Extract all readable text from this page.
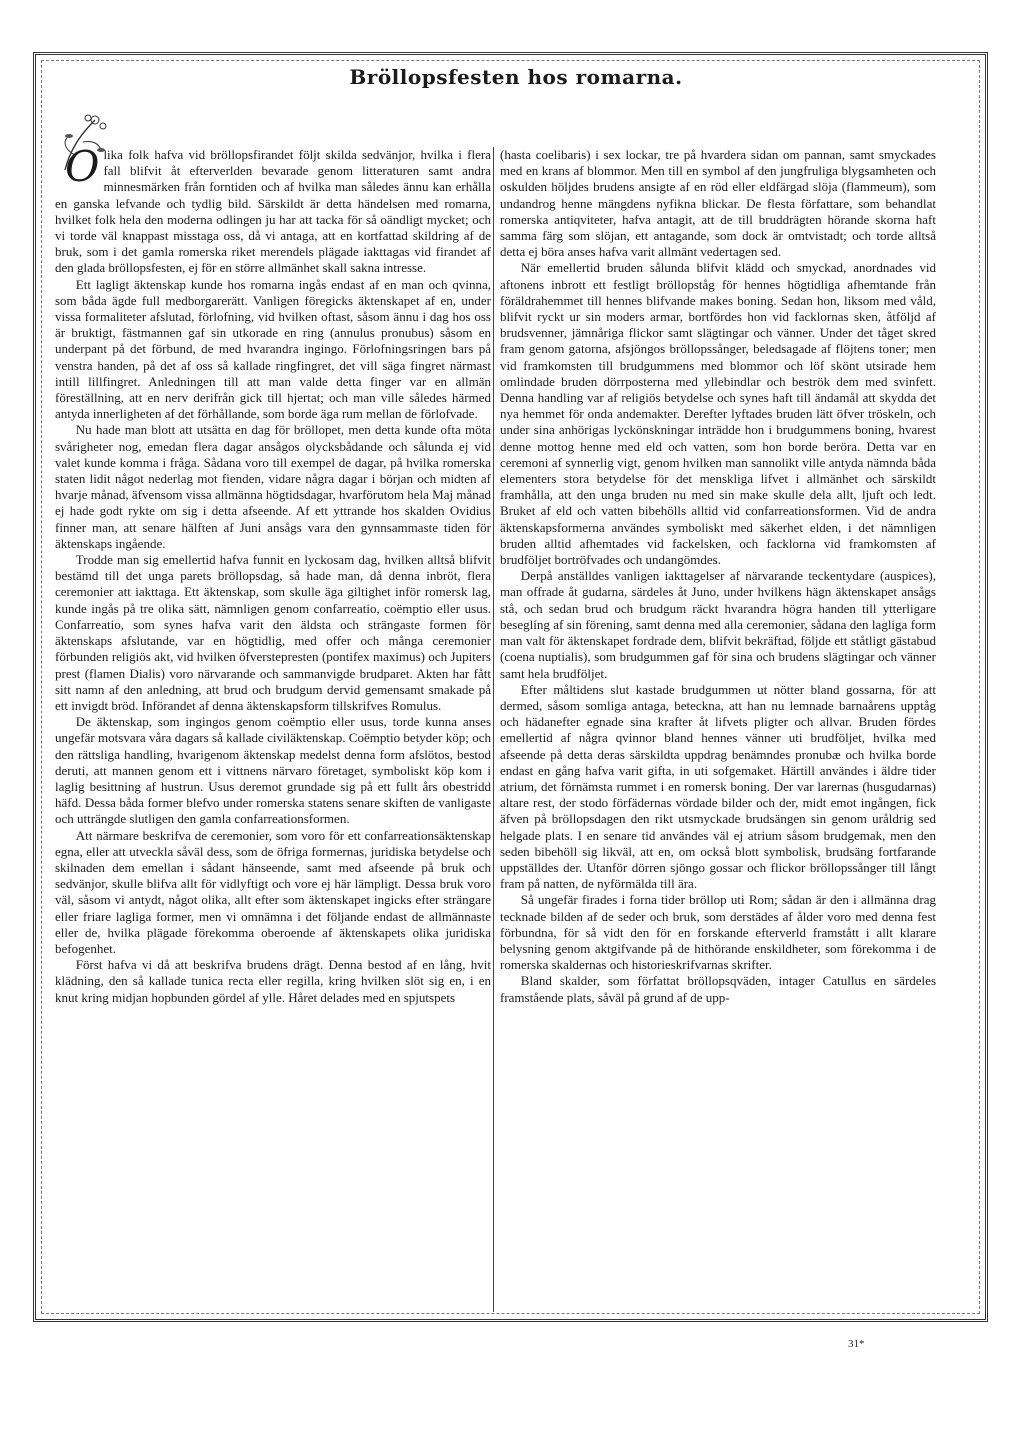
Bröllopsfesten hos romarna.

Olika folk hafva vid bröllopsfirandet följt skilda sedvänjor, hvilka i flera fall blifvit åt efterverlden bevarade genom litteraturen samt andra minnesmärken från forntiden och af hvilka man således ännu kan erhålla en ganska lefvande och tydlig bild. Särskildt är detta händelsen med romarna, hvilket folk hela den moderna odlingen ju har att tacka för så oändligt mycket; och vi torde väl knappast misstaga oss, då vi antaga, att en kortfattad skildring af de bruk, som i det gamla romerska riket merendels plägade iakttagas vid firandet af den glada bröllopsfesten, ej för en större allmänhet skall sakna intresse.

Ett lagligt äktenskap kunde hos romarna ingås endast af en man och qvinna, som båda ägde full medborgarerätt. Vanligen föregicks äktenskapet af en, under vissa formaliteter afslutad, förlofning, vid hvilken oftast, såsom ännu i dag hos oss är bruktigt, fästmannen gaf sin utkorade en ring (annulus pronubus) såsom en underpant på det förbund, de med hvarandra ingingo. Förlofningsringen bars på venstra handen, på det af oss så kallade ringfingret, det vill säga fingret närmast intill lillfingret. Anledningen till att man valde detta finger var en allmän föreställning, att en nerv derifrån gick till hjertat; och man ville således härmed antyda innerligheten af det förhållande, som borde äga rum mellan de förlofvade.

Nu hade man blott att utsätta en dag för bröllopet, men detta kunde ofta möta svårigheter nog, emedan flera dagar ansågos olycksbådande och sålunda ej vid valet kunde komma i fråga. Sådana voro till exempel de dagar, på hvilka romerska staten lidit något nederlag mot fienden, vidare några dagar i början och midten af hvarje månad, äfvensom vissa allmänna högtidsdagar, hvarförutom hela Maj månad ej hade godt rykte om sig i detta afseende. Af ett yttrande hos skalden Ovidius finner man, att senare hälften af Juni ansågs vara den gynnsammaste tiden för äktenskaps ingående.

Trodde man sig emellertid hafva funnit en lyckosam dag, hvilken alltså blifvit bestämd till det unga parets bröllopsdag, så hade man, då denna inbröt, flera ceremonier att iakttaga. Ett äktenskap, som skulle äga giltighet inför romersk lag, kunde ingås på tre olika sätt, nämnligen genom confarreatio, coëmptio eller usus. Confarreatio, som synes hafva varit den äldsta och strängaste formen för äktenskaps afslutande, var en högtidlig, med offer och många ceremonier förbunden religiös akt, vid hvilken öfverstepresten (pontifex maximus) och Jupiters prest (flamen Dialis) voro närvarande och sammanvigde brudparet. Akten har fått sitt namn af den anledning, att brud och brudgum dervid gemensamt smakade på ett invigdt bröd. Införandet af denna äktenskapsform tillskrifves Romulus.

De äktenskap, som ingingos genom coëmptio eller usus, torde kunna anses ungefär motsvara våra dagars så kallade civiläktenskap. Coëmptio betyder köp; och den rättsliga handling, hvarigenom äktenskap medelst denna form afslötos, bestod deruti, att mannen genom ett i vittnens närvaro företaget, symboliskt köp kom i laglig besittning af hustrun. Usus deremot grundade sig på ett fullt års obestridd häfd. Dessa båda former blefvo under romerska statens senare skiften de vanligaste och utträngde slutligen den gamla confarreationsformen.

Att närmare beskrifva de ceremonier, som voro för ett confarreationsäktenskap egna, eller att utveckla såväl dess, som de öfriga formernas, juridiska betydelse och skilnaden dem emellan i sådant hänseende, samt med afseende på bruk och sedvänjor, skulle blifva allt för vidlyftigt och vore ej här lämpligt. Dessa bruk voro väl, såsom vi antydt, något olika, allt efter som äktenskapet ingicks efter strängare eller friare lagliga former, men vi omnämna i det följande endast de allmännaste eller de, hvilka plägade förekomma oberoende af äktenskapets olika juridiska befogenhet.

Först hafva vi då att beskrifva brudens drägt. Denna bestod af en lång, hvit klädning, den så kallade tunica recta eller regilla, kring hvilken slöt sig en, i en knut kring midjan hopbunden gördel af ylle. Håret delades med en spjutspets

(hasta coelibaris) i sex lockar, tre på hvardera sidan om pannan, samt smyckades med en krans af blommor. Men till en symbol af den jungfruliga blygsamheten och oskulden höljdes brudens ansigte af en röd eller eldfärgad slöja (flammeum), som undandrog henne mängdens nyfikna blickar. De flesta författare, som behandlat romerska antiqviteter, hafva antagit, att de till bruddrägten hörande skorna haft samma färg som slöjan, ett antagande, som dock är omtvistadt; och torde alltså detta ej böra anses hafva varit allmänt vedertagen sed.

När emellertid bruden sålunda blifvit klädd och smyckad, anordnades vid aftonens inbrott ett festligt bröllopståg för hennes högtidliga afhemtande från föräldrahemmet till hennes blifvande makes boning. Sedan hon, liksom med våld, blifvit ryckt ur sin moders armar, bortfördes hon vid facklornas sken, åtföljd af brudsvenner, jämnåriga flickor samt slägtingar och vänner. Under det tåget skred fram genom gatorna, afsjöngos bröllopssånger, beledsagade af flöjtens toner; men vid framkomsten till brudgummens med blommor och löf skönt utsirade hem omlindade bruden dörrposterna med yllebindlar och beströk dem med svinfett. Denna handling var af religiös betydelse och synes haft till ändamål att skydda det nya hemmet för onda andemakter. Derefter lyftades bruden lätt öfver tröskeln, och under sina anhörigas lyckönskningar inträdde hon i brudgummens boning, hvarest denne mottog henne med eld och vatten, som hon borde beröra. Detta var en ceremoni af synnerlig vigt, genom hvilken man sannolikt ville antyda nämnda båda elementers stora betydelse för det menskliga lifvet i allmänhet och särskildt framhålla, att den unga bruden nu med sin make skulle dela allt, ljuft och ledt. Bruket af eld och vatten bibehölls alltid vid confarreationsformen. Vid de andra äktenskapsformerna användes symboliskt med säkerhet elden, i det nämnligen bruden alltid afhemtades vid fackelsken, och facklorna vid framkomsten af brudföljet bortröfvades och undangömdes.

Derpå anställdes vanligen iakttagelser af närvarande teckentydare (auspices), man offrade åt gudarna, särdeles åt Juno, under hvilkens hägn äktenskapet ansågs stå, och sedan brud och brudgum räckt hvarandra högra handen till ytterligare beseglíng af sin förening, samt denna med alla ceremonier, sådana den lagliga form man valt för äktenskapet fordrade dem, blifvit bekräftad, följde ett ståtligt gästabud (coena nuptialis), som brudgummen gaf för sina och brudens slägtingar och vänner samt hela brudföljet.

Efter måltidens slut kastade brudgummen ut nötter bland gossarna, för att dermed, såsom somliga antaga, beteckna, att han nu lemnade barnaårens upptåg och hädanefter egnade sina krafter åt lifvets pligter och allvar. Bruden fördes emellertid af några qvinnor bland hennes vänner uti brudföljet, hvilka med afseende på detta deras särskildta uppdrag benämndes pronubæ och hvilka borde endast en gång hafva varit gifta, in uti sofgemaket. Härtill användes i äldre tider atrium, det förnämsta rummet i en romersk boning. Der var larernas (husgudarnas) altare rest, der stodo förfädernas vördade bilder och der, midt emot ingången, fick äfven på bröllopsdagen den rikt utsmyckade brudsängen sin genom uråldrig sed helgade plats. I en senare tid användes väl ej atrium såsom brudgemak, men den seden bibehöll sig likväl, att en, om också blott symbolisk, brudsäng fortfarande uppställdes der. Utanför dörren sjöngo gossar och flickor bröllopssånger till långt fram på natten, de nyförmälda till ära.

Så ungefär firades i forna tider bröllop uti Rom; sådan är den i allmänna drag tecknade bilden af de seder och bruk, som derstädes af ålder voro med denna fest förbundna, för så vidt den för en forskande efterverld framstått i allt klarare belysning genom aktgifvande på de hithörande enskildheter, som förekomma i de romerska skaldernas och historieskrifvarnas skrifter.

Bland skalder, som författat bröllopsqväden, intager Catullus en särdeles framstående plats, såväl på grund af de upp-

31*
